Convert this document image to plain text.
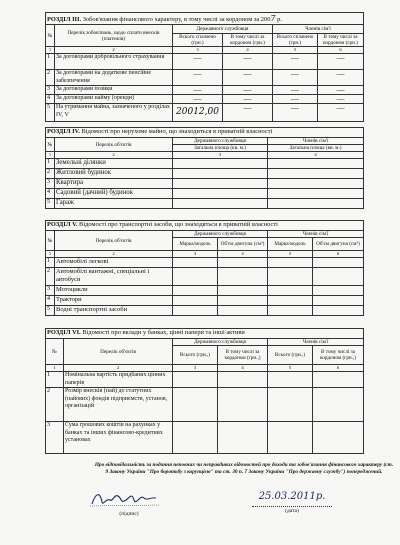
РОЗДІЛ ІІІ. Зобов'язання фінансового характеру, в тому числі за кордоном за 2007 р.					
№	Перелік зобов'язань, щодо сплати внесків (платежів)	Державного службовця		Членів сім'ї	
		Всього сплачено (грн.)	В тому числі за кордоном (грн.)	Всього сплачено (грн.)	В тому числі за кордоном (грн.)
1	2	3	4	5	6
1	За договорами добровільного страхування	—	—	—	—
2	За договорами на додаткове пенсійне забезпечення	—	—	—	—
3	За договорами позики	—	—	—	—
4	За договорами найму (оренди)	—	—	—	—
5	На утримання майна, зазначеного у розділах IV, V	20012,00	—	—	—
РОЗДІЛ IV. Відомості про нерухоме майно, що знаходиться в приватній власності			
№	Перелік об'єктів	Державного службовця	Членів сім'ї
		Загальна площа (кв. м.)	Загальна площа (кв. м.)
1	2	3	4
1	Земельні ділянки		
2	Житловий будинок		
3	Квартира		
4	Садовий (дачний) будинок		
5	Гараж		
РОЗДІЛ V. Відомості про транспортні засоби, що знаходяться в приватній власності					
№	Перелік об'єктів	Державного службовця		Членів сім'ї	
		Марка/модель	Об'єм двигуна (см³)	Марка/модель	Об'єм двигуна (см³)
1	2	3	4	5	6
1	Автомобілі легкові				
2	Автомобілі вантажні, спеціальні і автобуси				
3	Мотоцикли				
4	Трактори				
5	Водні транспортні засоби				
РОЗДІЛ VI. Відомості про вклади у банках, цінні папери та інші активи					
№	Перелік об'єктів	Державного службовця		Членів сім'ї	
		Всього (грн.,)	В тому числі за кордоном (грн.,)	Всього (грн.,)	В тому числі за кордоном (грн.,)
1	2	3	4	5	6
1	Номінальна вартість придбаних цінних паперів				
2	Розмір внесків (пай) до статутних (пайових) фондів підприємств, установ, організацій				
3	Сума грошових коштів на рахунках у банках та інших фінансово-кредитних установах				
Про відповідальність за подання неповних чи неправдивих відомостей про доходи та зобов'язання фінансового характеру (ст. 9 Закону України "Про боротьбу з корупцією" та ст. 30 п. 7 Закону України "Про державну службу") попереджений.
(підпис)
25.03.2011р.
(дата)
